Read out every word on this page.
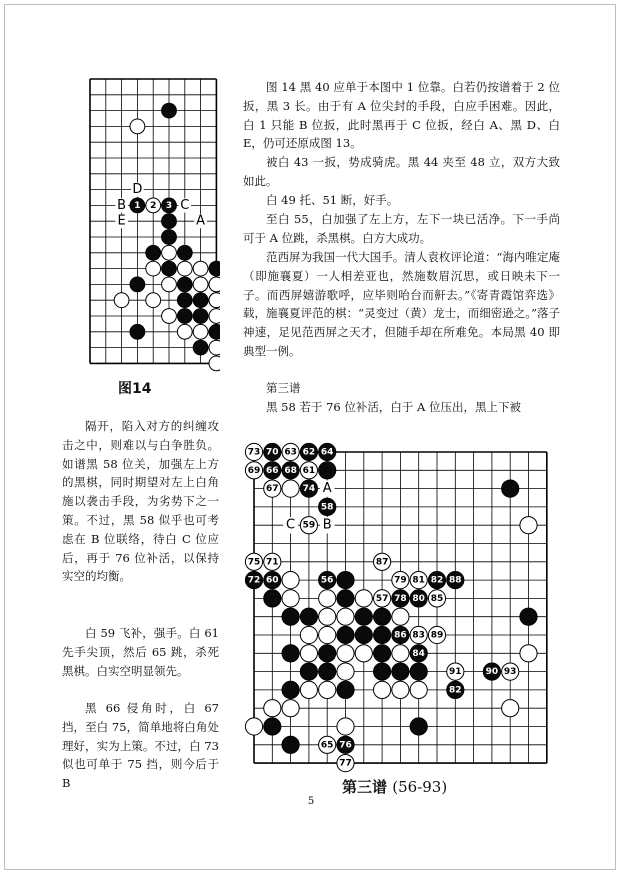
D
B	C
E	A
1 2 3
图14

图 14 黑 40 应单于本图中 1 位靠。白若仍按谱着于 2 位扳，黑 3 长。由于有 A 位尖封的手段，白应手困难。因此，白 1 只能 B 位扳，此时黑再于 C 位扳，经白 A、黑 D、白 E，仍可还原成图 13。

被白 43 一扳，势成骑虎。黑 44 夹至 48 立，双方大致如此。

白 49 托、51 断，好手。

至白 55，白加强了左上方，左下一块已活净。下一手尚可于 A 位跳，杀黑棋。白方大成功。

范西屏为我国一代大国手。清人袁枚评论道：“海内唯定庵（即施襄夏）一人相差亚也，然施数眉沉思，或日映未下一子。而西屏嬉游歌呼，应毕则咍台而鼾去。”《寄青霞馆弈选》载，施襄夏评范的棋：“灵变过（黄）龙士，而细密逊之。”落子神速，足见范西屏之天才，但随手却在所难免。本局黑 40 即典型一例。

第三谱

黑 58 若于 76 位补活，白于 A 位压出，黑上下被

隔开，陷入对方的纠缠攻击之中，则难以与白争胜负。如谱黑 58 位关，加强左上方的黑棋，同时期望对左上白角施以袭击手段，为劣势下之一策。不过，黑 58 似乎也可考虑在 B 位联络，待白 C 位应后，再于 76 位补活，以保持实空的均衡。

白 59 飞补，强手。白 61 先手尖顶，然后 65 跳，杀死黑棋。白实空明显领先。

黑 66 侵角时，白 67 挡，至白 75，简单地将白角处理好，实为上策。不过，白 73 似也可单于 75 挡，则今后于 B

A
C B
73 70 63 62 64
69 66 68 61
67	74
58
59
75 71	87
72 60	56	79 81 82 88
57 78 80 85
86 83 89
84
91	90 93
82
65 76
77
第三谱 (56-93)
5
